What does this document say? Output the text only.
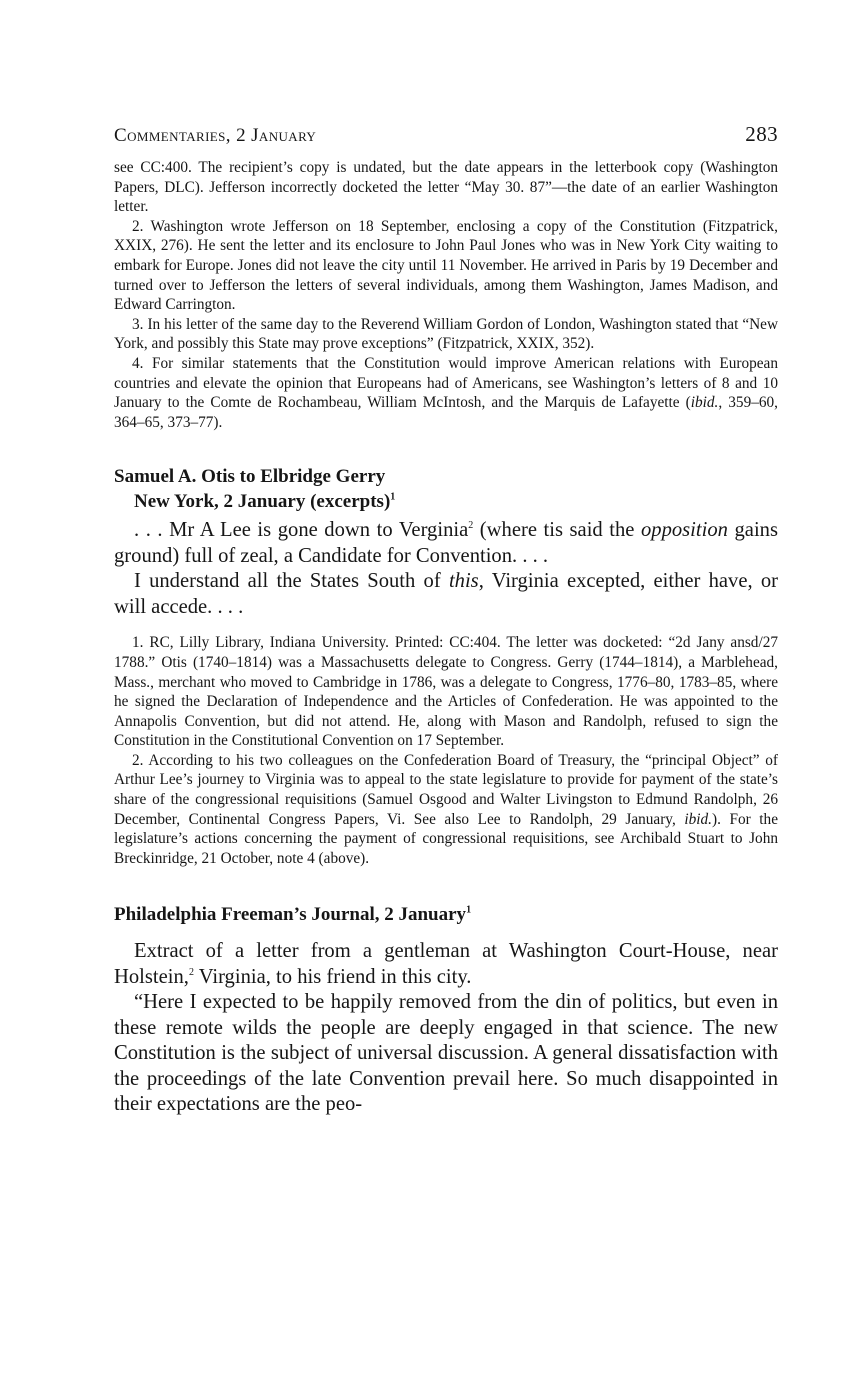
Commentaries, 2 January	283

see CC:400. The recipient’s copy is undated, but the date appears in the letterbook copy (Washington Papers, DLC). Jefferson incorrectly docketed the letter “May 30. 87”—the date of an earlier Washington letter.

2. Washington wrote Jefferson on 18 September, enclosing a copy of the Constitution (Fitzpatrick, XXIX, 276). He sent the letter and its enclosure to John Paul Jones who was in New York City waiting to embark for Europe. Jones did not leave the city until 11 November. He arrived in Paris by 19 December and turned over to Jefferson the letters of several individuals, among them Washington, James Madison, and Edward Carrington.

3. In his letter of the same day to the Reverend William Gordon of London, Washington stated that “New York, and possibly this State may prove exceptions” (Fitzpatrick, XXIX, 352).

4. For similar statements that the Constitution would improve American relations with European countries and elevate the opinion that Europeans had of Americans, see Washington’s letters of 8 and 10 January to the Comte de Rochambeau, William McIntosh, and the Marquis de Lafayette (ibid., 359–60, 364–65, 373–77).

Samuel A. Otis to Elbridge Gerry
New York, 2 January (excerpts)$^1$

. . . Mr A Lee is gone down to Verginia$^2$ (where tis said the opposition gains ground) full of zeal, a Candidate for Convention. . . .

I understand all the States South of this, Virginia excepted, either have, or will accede. . . .

1. RC, Lilly Library, Indiana University. Printed: CC:404. The letter was docketed: “2d Jany ansd/27 1788.” Otis (1740–1814) was a Massachusetts delegate to Congress. Gerry (1744–1814), a Marblehead, Mass., merchant who moved to Cambridge in 1786, was a delegate to Congress, 1776–80, 1783–85, where he signed the Declaration of Independence and the Articles of Confederation. He was appointed to the Annapolis Convention, but did not attend. He, along with Mason and Randolph, refused to sign the Constitution in the Constitutional Convention on 17 September.

2. According to his two colleagues on the Confederation Board of Treasury, the “principal Object” of Arthur Lee’s journey to Virginia was to appeal to the state legislature to provide for payment of the state’s share of the congressional requisitions (Samuel Osgood and Walter Livingston to Edmund Randolph, 26 December, Continental Congress Papers, Vi. See also Lee to Randolph, 29 January, ibid.). For the legislature’s actions concerning the payment of congressional requisitions, see Archibald Stuart to John Breckinridge, 21 October, note 4 (above).

Philadelphia Freeman’s Journal, 2 January$^1$

Extract of a letter from a gentleman at Washington Court-House, near Holstein,$^2$ Virginia, to his friend in this city.

“Here I expected to be happily removed from the din of politics, but even in these remote wilds the people are deeply engaged in that science. The new Constitution is the subject of universal discussion. A general dissatisfaction with the proceedings of the late Convention prevail here. So much disappointed in their expectations are the peo-
